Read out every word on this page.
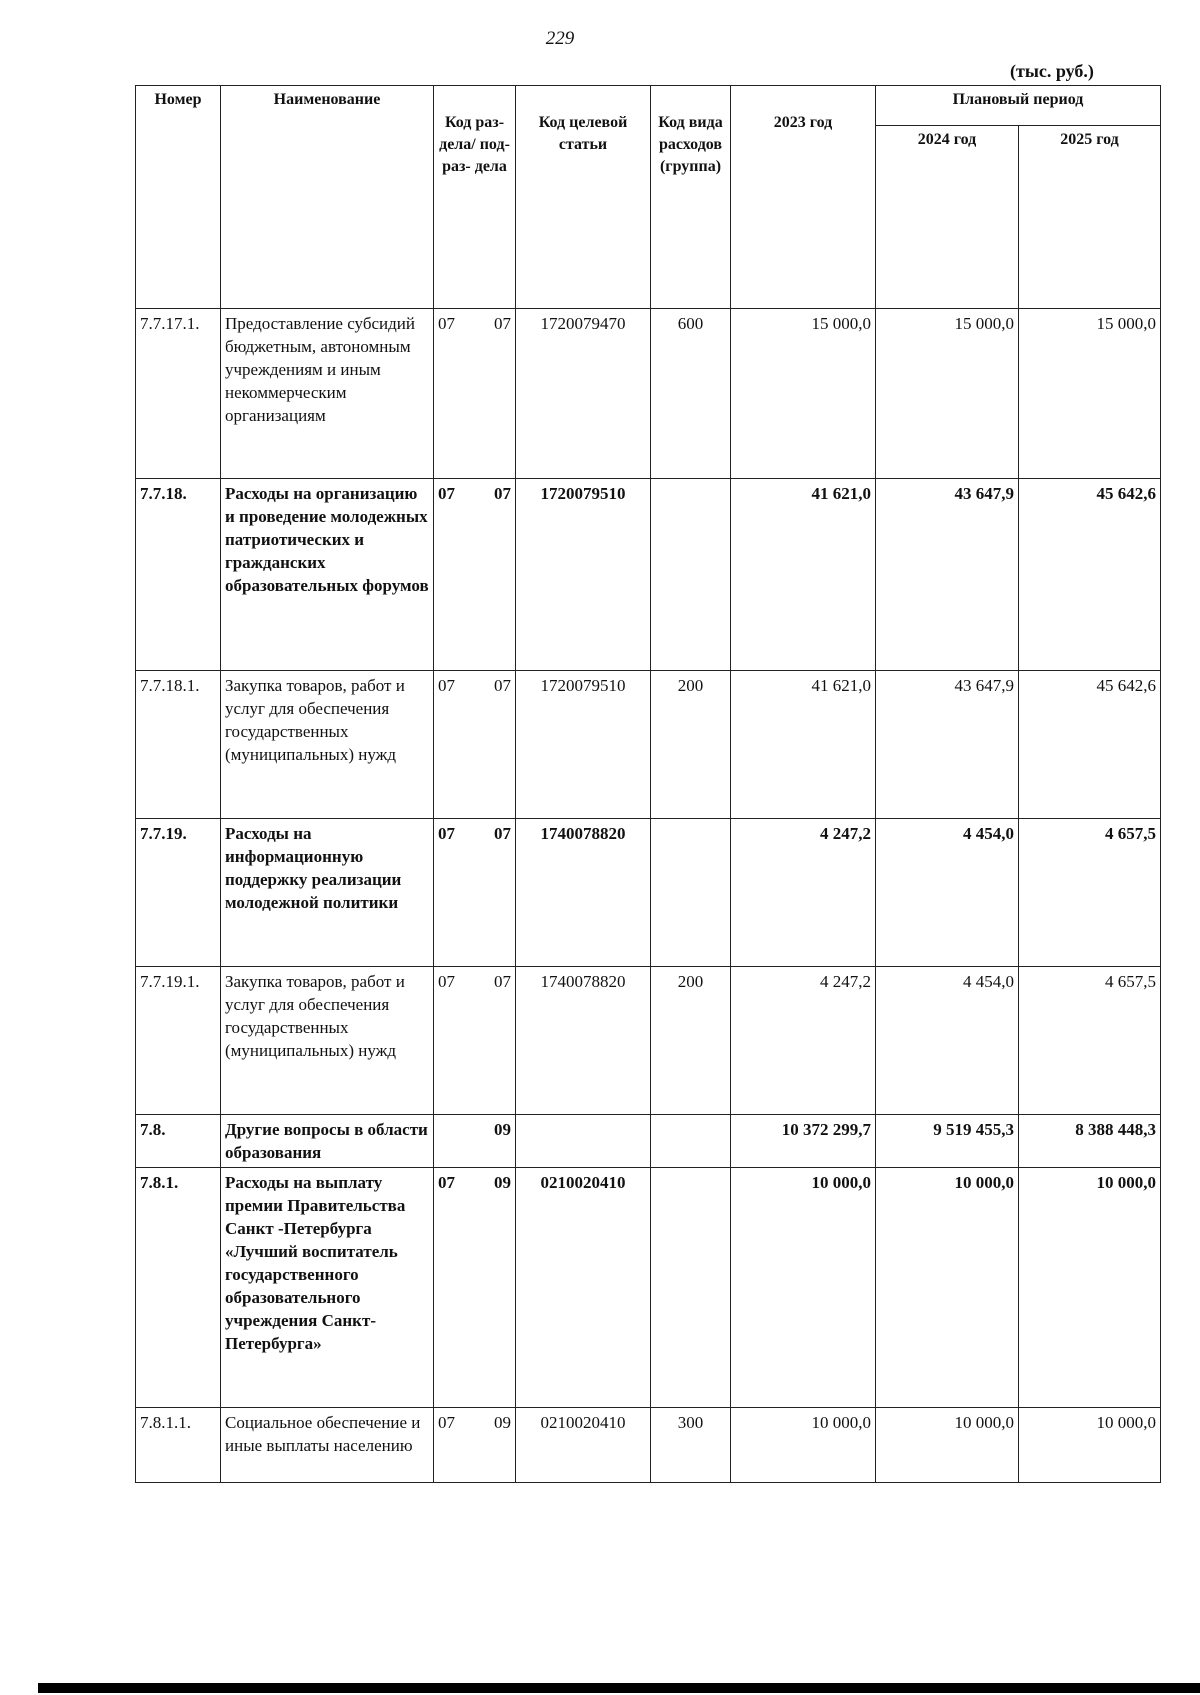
229
(тыс. руб.)
Номер	Наименование	Код раз- дела/ под- раз- дела	Код целевой статьи	Код вида расходов (группа)	2023 год	Плановый период	
						2024 год	2025 год
7.7.17.1.	Предоставление субсидий бюджетным, автономным учреждениям и иным некоммерческим организациям	07 07	1720079470	600	15 000,0	15 000,0	15 000,0
7.7.18.	Расходы на организацию и проведение молодежных патриотических и гражданских образовательных форумов	07 07	1720079510		41 621,0	43 647,9	45 642,6
7.7.18.1.	Закупка товаров, работ и услуг для обеспечения государственных (муниципальных) нужд	07 07	1720079510	200	41 621,0	43 647,9	45 642,6
7.7.19.	Расходы на информационную поддержку реализации молодежной политики	07 07	1740078820		4 247,2	4 454,0	4 657,5
7.7.19.1.	Закупка товаров, работ и услуг для обеспечения государственных (муниципальных) нужд	07 07	1740078820	200	4 247,2	4 454,0	4 657,5
7.8.	Другие вопросы в области образования	09			10 372 299,7	9 519 455,3	8 388 448,3
7.8.1.	Расходы на выплату премии Правительства Санкт -Петербурга «Лучший воспитатель государственного образовательного учреждения Санкт-Петербурга»	07 09	0210020410		10 000,0	10 000,0	10 000,0
7.8.1.1.	Социальное обеспечение и иные выплаты населению	07 09	0210020410	300	10 000,0	10 000,0	10 000,0
